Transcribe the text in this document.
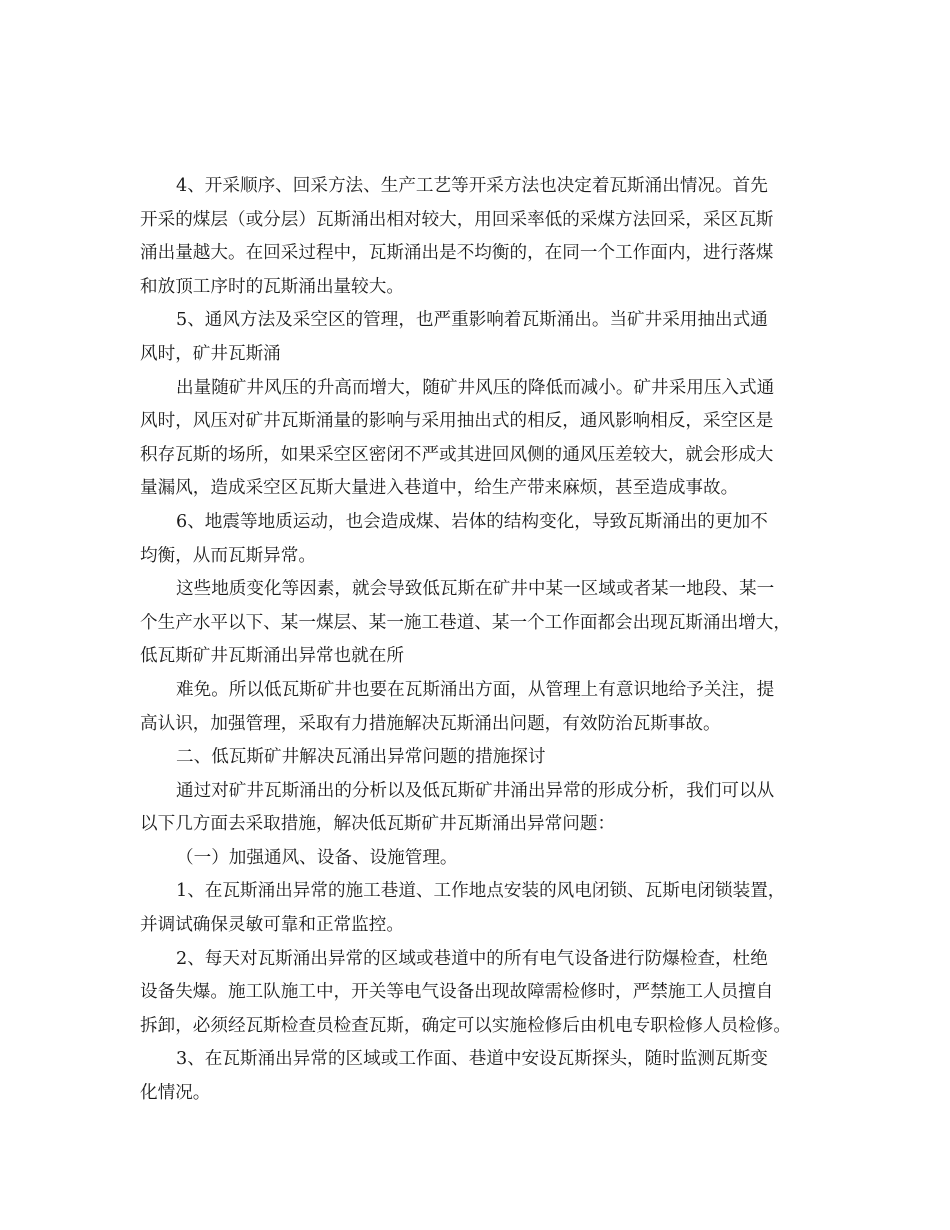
4、开采顺序、回采方法、生产工艺等开采方法也决定着瓦斯涌出情况。首先

开采的煤层（或分层）瓦斯涌出相对较大，用回采率低的采煤方法回采，采区瓦斯

涌出量越大。在回采过程中，瓦斯涌出是不均衡的，在同一个工作面内，进行落煤

和放顶工序时的瓦斯涌出量较大。

5、通风方法及采空区的管理，也严重影响着瓦斯涌出。当矿井采用抽出式通

风时，矿井瓦斯涌

出量随矿井风压的升高而增大，随矿井风压的降低而减小。矿井采用压入式通

风时，风压对矿井瓦斯涌量的影响与采用抽出式的相反，通风影响相反，采空区是

积存瓦斯的场所，如果采空区密闭不严或其进回风侧的通风压差较大，就会形成大

量漏风，造成采空区瓦斯大量进入巷道中，给生产带来麻烦，甚至造成事故。

6、地震等地质运动，也会造成煤、岩体的结构变化，导致瓦斯涌出的更加不

均衡，从而瓦斯异常。

这些地质变化等因素，就会导致低瓦斯在矿井中某一区域或者某一地段、某一

个生产水平以下、某一煤层、某一施工巷道、某一个工作面都会出现瓦斯涌出增大，

低瓦斯矿井瓦斯涌出异常也就在所

难免。所以低瓦斯矿井也要在瓦斯涌出方面，从管理上有意识地给予关注，提

高认识，加强管理，采取有力措施解决瓦斯涌出问题，有效防治瓦斯事故。

二、低瓦斯矿井解决瓦涌出异常问题的措施探讨

通过对矿井瓦斯涌出的分析以及低瓦斯矿井涌出异常的形成分析，我们可以从

以下几方面去采取措施，解决低瓦斯矿井瓦斯涌出异常问题：

（一）加强通风、设备、设施管理。

1、在瓦斯涌出异常的施工巷道、工作地点安装的风电闭锁、瓦斯电闭锁装置，

并调试确保灵敏可靠和正常监控。

2、每天对瓦斯涌出异常的区域或巷道中的所有电气设备进行防爆检查，杜绝

设备失爆。施工队施工中，开关等电气设备出现故障需检修时，严禁施工人员擅自

拆卸，必须经瓦斯检查员检查瓦斯，确定可以实施检修后由机电专职检修人员检修。

3、在瓦斯涌出异常的区域或工作面、巷道中安设瓦斯探头，随时监测瓦斯变

化情况。
